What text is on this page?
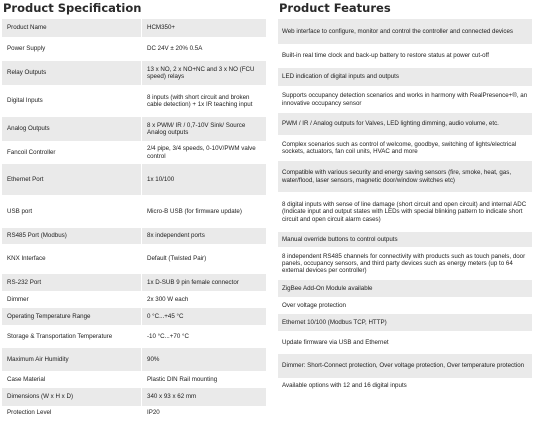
Product Specification
Product Name	HCM350+
Power Supply	DC 24V ± 20% 0.5A
Relay Outputs	13 x NO, 2 x NO+NC and 3 x NO (FCU speed) relays
Digital Inputs	8 inputs (with short circuit and broken cable detection) + 1x IR teaching input
Analog Outputs	8 x PWM/ IR / 0,7-10V Sink/ Source Analog outputs
Fancoil Controller	2/4 pipe, 3/4 speeds, 0-10V/PWM valve control
Ethernet Port	1x 10/100
USB port	Micro-B USB (for firmware update)
RS485 Port (Modbus)	8x independent ports
KNX Interface	Default (Twisted Pair)
RS-232 Port	1x D-SUB 9 pin female connector
Dimmer	2x 300 W each
Operating Temperature Range	0 °C...+45 °C
Storage & Transportation Temperature	-10 °C...+70 °C
Maximum Air Humidity	90%
Case Material	Plastic DIN Rail mounting
Dimensions (W x H x D)	340 x 93 x 62 mm
Protection Level	IP20
Product Features
Web interface to configure, monitor and control the controller and connected devices
Built-in real time clock and back-up battery to restore status at power cut-off
LED indication of digital inputs and outputs
Supports occupancy detection scenarios and works in harmony with RealPresence+®, an innovative occupancy sensor
PWM / IR / Analog outputs for Valves, LED lighting dimming, audio volume, etc.
Complex scenarios such as control of welcome, goodbye, switching of lights/electrical sockets, actuators, fan coil units, HVAC and more
Compatible with various security and energy saving sensors (fire, smoke, heat, gas, water/flood, laser sensors, magnetic door/window switches etc)
8 digital inputs with sense of line damage (short circuit and open circuit) and internal ADC (Indicate input and output states with LEDs with special blinking pattern to indicate short circuit and open circuit alarm cases)
Manual override buttons to control outputs
8 independent RS485 channels for connectivity with products such as touch panels, door panels, occupancy sensors, and third party devices such as energy meters (up to 64 external devices per controller)
ZigBee Add-On Module available
Over voltage protection
Ethernet 10/100 (Modbus TCP, HTTP)
Update firmware via USB and Ethernet
Dimmer: Short-Connect protection, Over voltage protection, Over temperature protection
Available options with 12 and 16 digital inputs
